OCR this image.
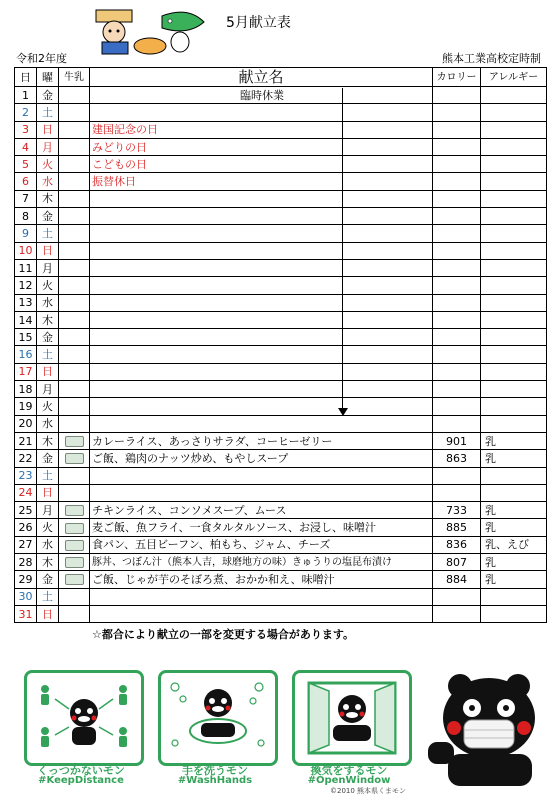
5月献立表
令和2年度	熊本工業高校定時制
日	曜	牛乳	献立名	カロリー	アレルギー
1	金		臨時休業		
2	土				
3	日		建国記念の日		
4	月		みどりの日		
5	火		こどもの日		
6	水		振替休日		
7	木				
8	金				
9	土				
10	日				
11	月				
12	火				
13	水				
14	木				
15	金				
16	土				
17	日				
18	月				
19	火				
20	水				
21	木		カレーライス、あっさりサラダ、コーヒーゼリー	901	乳
22	金		ご飯、鶏肉のナッツ炒め、もやしスープ	863	乳
23	土				
24	日				
25	月		チキンライス、コンソメスープ、ムース	733	乳
26	火		麦ご飯、魚フライ、一食タルタルソース、お浸し、味噌汁	885	乳
27	水		食パン、五目ビーフン、柏もち、ジャム、チーズ	836	乳、えび
28	木		豚丼、つぼん汁（熊本人吉，球磨地方の味）きゅうりの塩昆布漬け	807	乳
29	金		ご飯、じゃが芋のそぼろ煮、おかか和え、味噌汁	884	乳
30	土				
31	日				
☆都合により献立の一部を変更する場合があります。
くっつかないモン
#KeepDistance
手を洗うモン
#WashHands
換気をするモン
#OpenWindow
©2010 熊本県くまモン
